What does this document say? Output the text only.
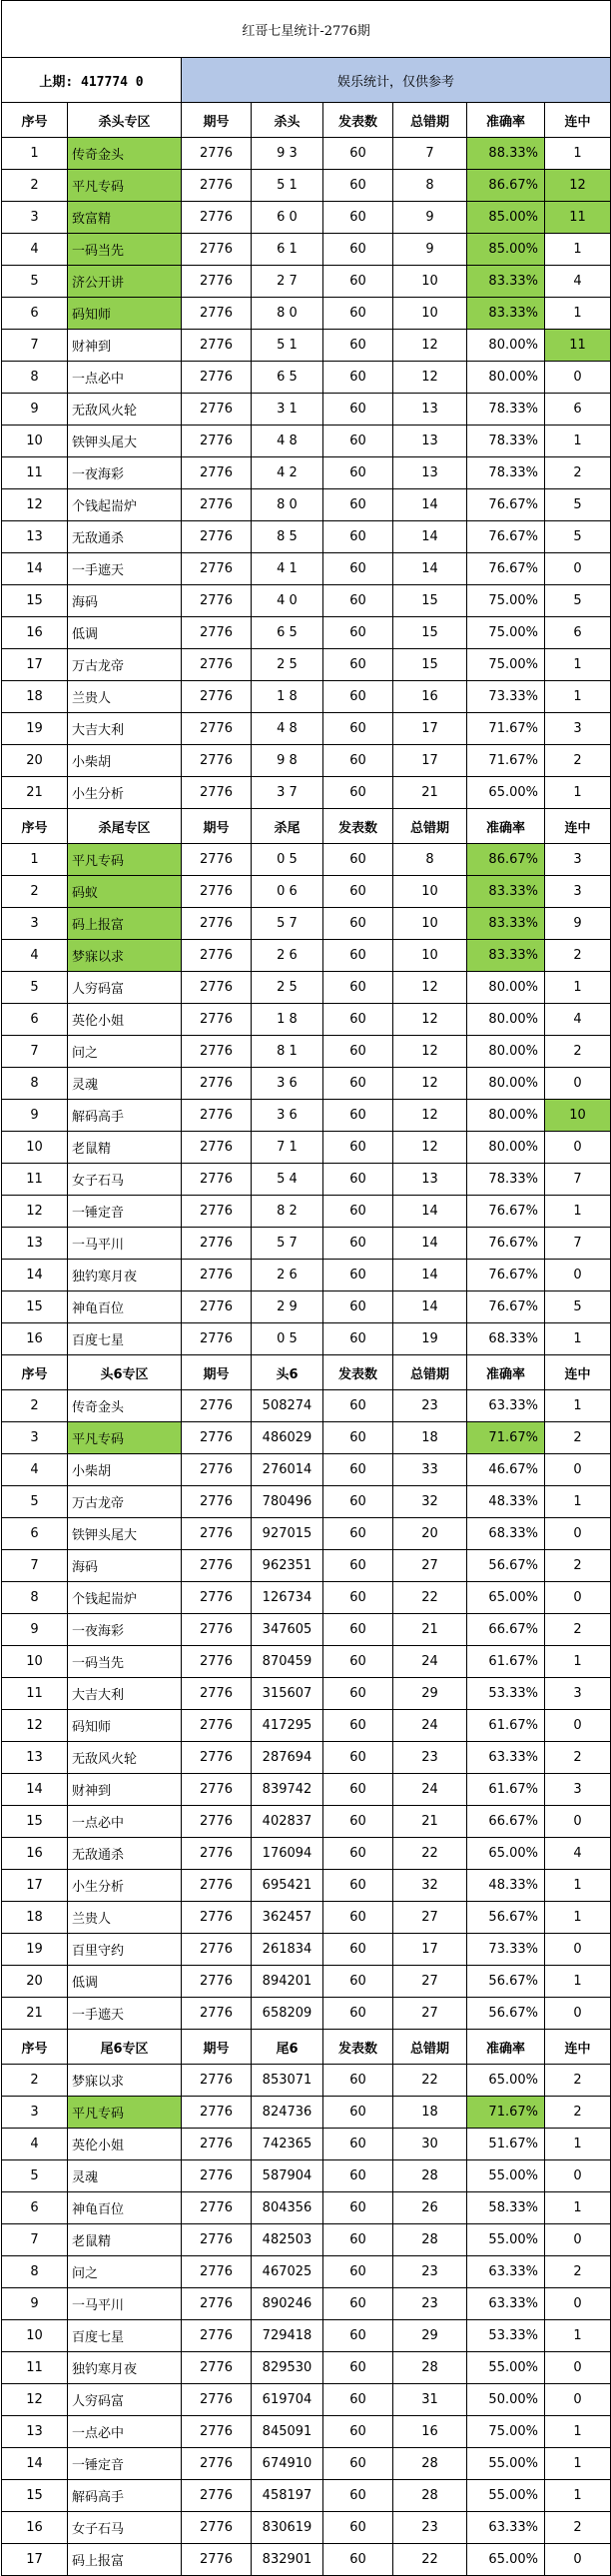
红哥七星统计-2776期							
上期: 417774 0		娱乐统计，仅供参考					
序号	杀头专区	期号	杀头	发表数	总错期	准确率	连中
1	传奇金头	2776	9 3	60	7	88.33%	1
2	平凡专码	2776	5 1	60	8	86.67%	12
3	致富精	2776	6 0	60	9	85.00%	11
4	一码当先	2776	6 1	60	9	85.00%	1
5	济公开讲	2776	2 7	60	10	83.33%	4
6	码知师	2776	8 0	60	10	83.33%	1
7	财神到	2776	5 1	60	12	80.00%	11
8	一点必中	2776	6 5	60	12	80.00%	0
9	无敌风火轮	2776	3 1	60	13	78.33%	6
10	铁钾头尾大	2776	4 8	60	13	78.33%	1
11	一夜海彩	2776	4 2	60	13	78.33%	2
12	个钱起耑炉	2776	8 0	60	14	76.67%	5
13	无敌通杀	2776	8 5	60	14	76.67%	5
14	一手遮天	2776	4 1	60	14	76.67%	0
15	海码	2776	4 0	60	15	75.00%	5
16	低调	2776	6 5	60	15	75.00%	6
17	万古龙帝	2776	2 5	60	15	75.00%	1
18	兰贵人	2776	1 8	60	16	73.33%	1
19	大吉大利	2776	4 8	60	17	71.67%	3
20	小柴胡	2776	9 8	60	17	71.67%	2
21	小生分析	2776	3 7	60	21	65.00%	1
序号	杀尾专区	期号	杀尾	发表数	总错期	准确率	连中
1	平凡专码	2776	0 5	60	8	86.67%	3
2	码蚁	2776	0 6	60	10	83.33%	3
3	码上报富	2776	5 7	60	10	83.33%	9
4	梦寐以求	2776	2 6	60	10	83.33%	2
5	人穷码富	2776	2 5	60	12	80.00%	1
6	英伦小姐	2776	1 8	60	12	80.00%	4
7	问之	2776	8 1	60	12	80.00%	2
8	灵魂	2776	3 6	60	12	80.00%	0
9	解码高手	2776	3 6	60	12	80.00%	10
10	老鼠精	2776	7 1	60	12	80.00%	0
11	女子石马	2776	5 4	60	13	78.33%	7
12	一锤定音	2776	8 2	60	14	76.67%	1
13	一马平川	2776	5 7	60	14	76.67%	7
14	独钓寒月夜	2776	2 6	60	14	76.67%	0
15	神龟百位	2776	2 9	60	14	76.67%	5
16	百度七星	2776	0 5	60	19	68.33%	1
序号	头6专区	期号	头6	发表数	总错期	准确率	连中
2	传奇金头	2776	508274	60	23	63.33%	1
3	平凡专码	2776	486029	60	18	71.67%	2
4	小柴胡	2776	276014	60	33	46.67%	0
5	万古龙帝	2776	780496	60	32	48.33%	1
6	铁钾头尾大	2776	927015	60	20	68.33%	0
7	海码	2776	962351	60	27	56.67%	2
8	个钱起耑炉	2776	126734	60	22	65.00%	0
9	一夜海彩	2776	347605	60	21	66.67%	2
10	一码当先	2776	870459	60	24	61.67%	1
11	大吉大利	2776	315607	60	29	53.33%	3
12	码知师	2776	417295	60	24	61.67%	0
13	无敌风火轮	2776	287694	60	23	63.33%	2
14	财神到	2776	839742	60	24	61.67%	3
15	一点必中	2776	402837	60	21	66.67%	0
16	无敌通杀	2776	176094	60	22	65.00%	4
17	小生分析	2776	695421	60	32	48.33%	1
18	兰贵人	2776	362457	60	27	56.67%	1
19	百里守约	2776	261834	60	17	73.33%	0
20	低调	2776	894201	60	27	56.67%	1
21	一手遮天	2776	658209	60	27	56.67%	0
序号	尾6专区	期号	尾6	发表数	总错期	准确率	连中
2	梦寐以求	2776	853071	60	22	65.00%	2
3	平凡专码	2776	824736	60	18	71.67%	2
4	英伦小姐	2776	742365	60	30	51.67%	1
5	灵魂	2776	587904	60	28	55.00%	0
6	神龟百位	2776	804356	60	26	58.33%	1
7	老鼠精	2776	482503	60	28	55.00%	0
8	问之	2776	467025	60	23	63.33%	2
9	一马平川	2776	890246	60	23	63.33%	0
10	百度七星	2776	729418	60	29	53.33%	1
11	独钓寒月夜	2776	829530	60	28	55.00%	0
12	人穷码富	2776	619704	60	31	50.00%	0
13	一点必中	2776	845091	60	16	75.00%	1
14	一锤定音	2776	674910	60	28	55.00%	1
15	解码高手	2776	458197	60	28	55.00%	1
16	女子石马	2776	830619	60	23	63.33%	2
17	码上报富	2776	832901	60	22	65.00%	0
